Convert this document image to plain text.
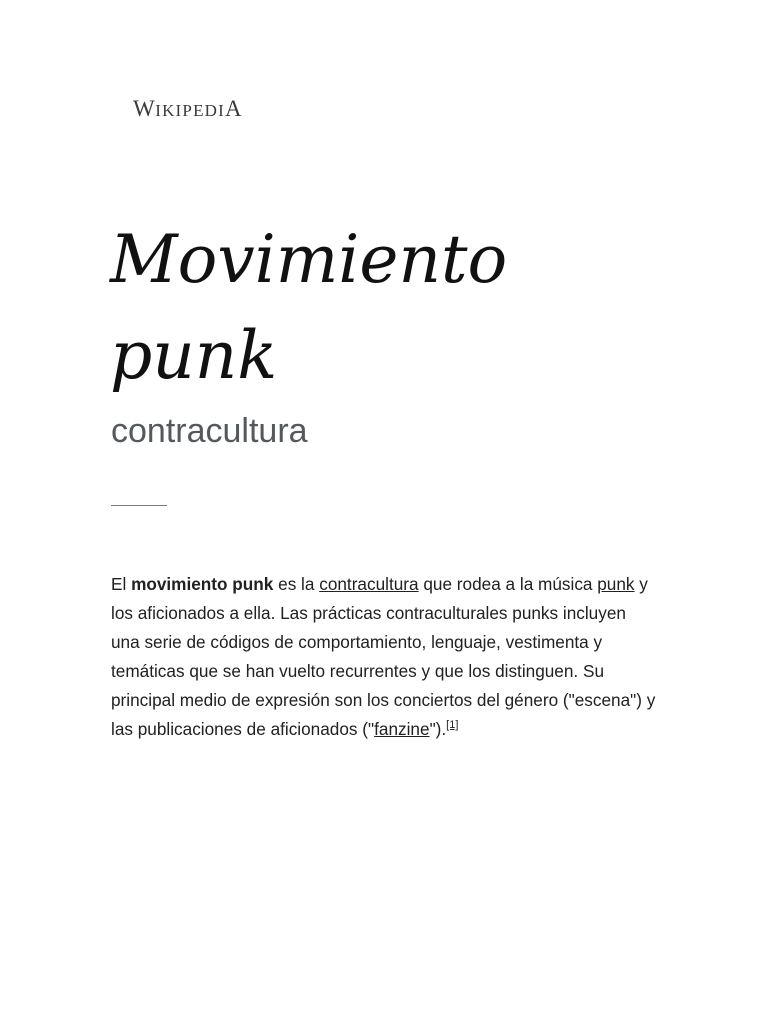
WIKIPEDIA
Movimiento
punk
contracultura

El movimiento punk es la contracultura que rodea a la música punk y los aficionados a ella. Las prácticas contraculturales punks incluyen una serie de códigos de comportamiento, lenguaje, vestimenta y temáticas que se han vuelto recurrentes y que los distinguen. Su principal medio de expresión son los conciertos del género ("escena") y las publicaciones de aficionados ("fanzine").[1]
